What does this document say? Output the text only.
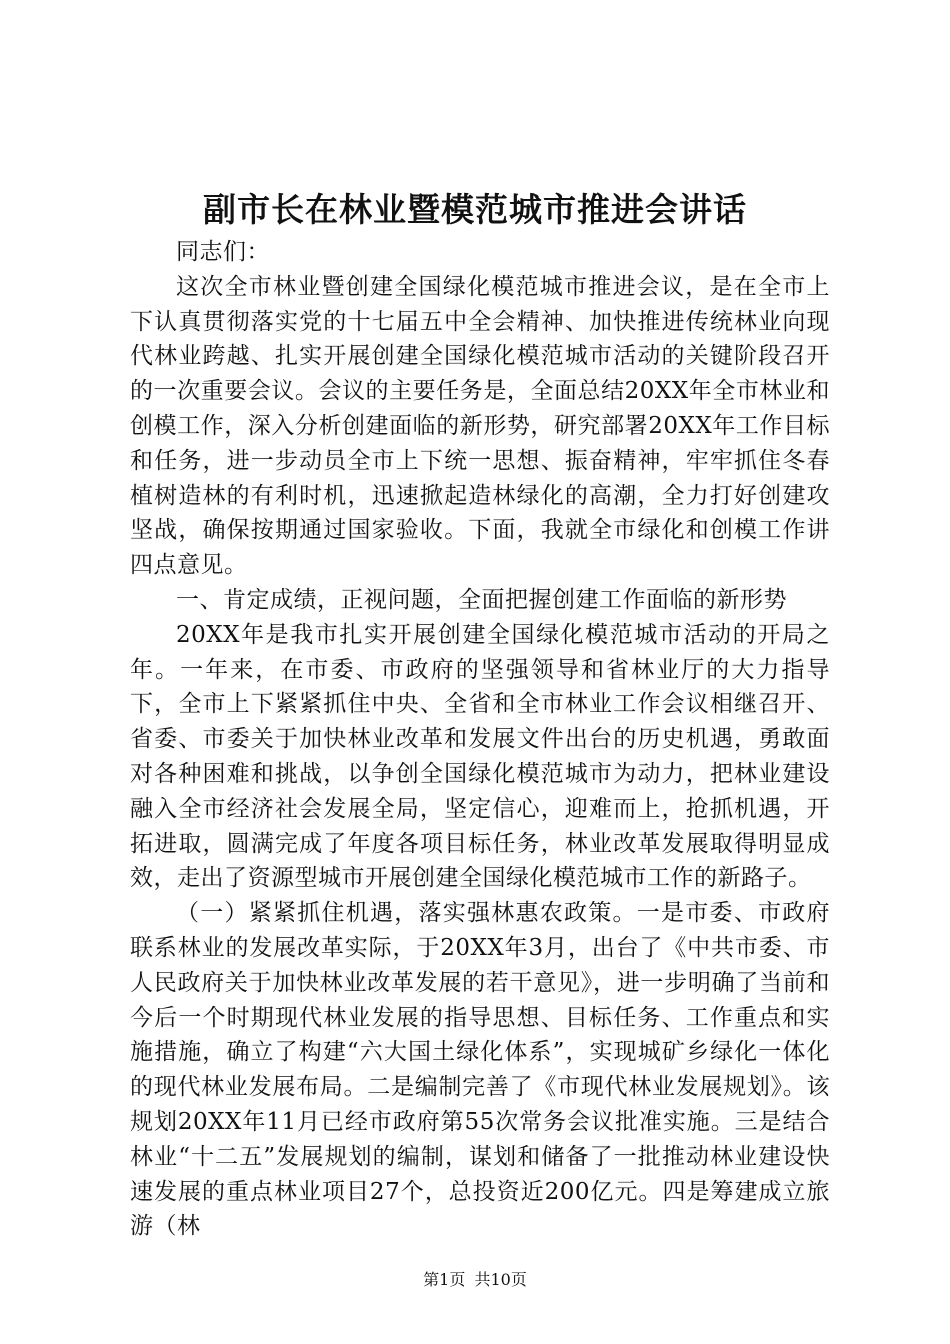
副市长在林业暨模范城市推进会讲话

同志们：

这次全市林业暨创建全国绿化模范城市推进会议，是在全市上下认真贯彻落实党的十七届五中全会精神、加快推进传统林业向现代林业跨越、扎实开展创建全国绿化模范城市活动的关键阶段召开的一次重要会议。会议的主要任务是，全面总结20XX年全市林业和创模工作，深入分析创建面临的新形势，研究部署20XX年工作目标和任务，进一步动员全市上下统一思想、振奋精神，牢牢抓住冬春植树造林的有利时机，迅速掀起造林绿化的高潮，全力打好创建攻坚战，确保按期通过国家验收。下面，我就全市绿化和创模工作讲四点意见。

一、肯定成绩，正视问题，全面把握创建工作面临的新形势

20XX年是我市扎实开展创建全国绿化模范城市活动的开局之年。一年来，在市委、市政府的坚强领导和省林业厅的大力指导下，全市上下紧紧抓住中央、全省和全市林业工作会议相继召开、省委、市委关于加快林业改革和发展文件出台的历史机遇，勇敢面对各种困难和挑战，以争创全国绿化模范城市为动力，把林业建设融入全市经济社会发展全局，坚定信心，迎难而上，抢抓机遇，开拓进取，圆满完成了年度各项目标任务，林业改革发展取得明显成效，走出了资源型城市开展创建全国绿化模范城市工作的新路子。

（一）紧紧抓住机遇，落实强林惠农政策。一是市委、市政府联系林业的发展改革实际，于20XX年3月，出台了《中共市委、市人民政府关于加快林业改革发展的若干意见》，进一步明确了当前和今后一个时期现代林业发展的指导思想、目标任务、工作重点和实施措施，确立了构建“六大国土绿化体系”，实现城矿乡绿化一体化的现代林业发展布局。二是编制完善了《市现代林业发展规划》。该规划20XX年11月已经市政府第55次常务会议批准实施。三是结合林业“十二五”发展规划的编制，谋划和储备了一批推动林业建设快速发展的重点林业项目27个，总投资近200亿元。四是筹建成立旅游（林

第1页 共10页
